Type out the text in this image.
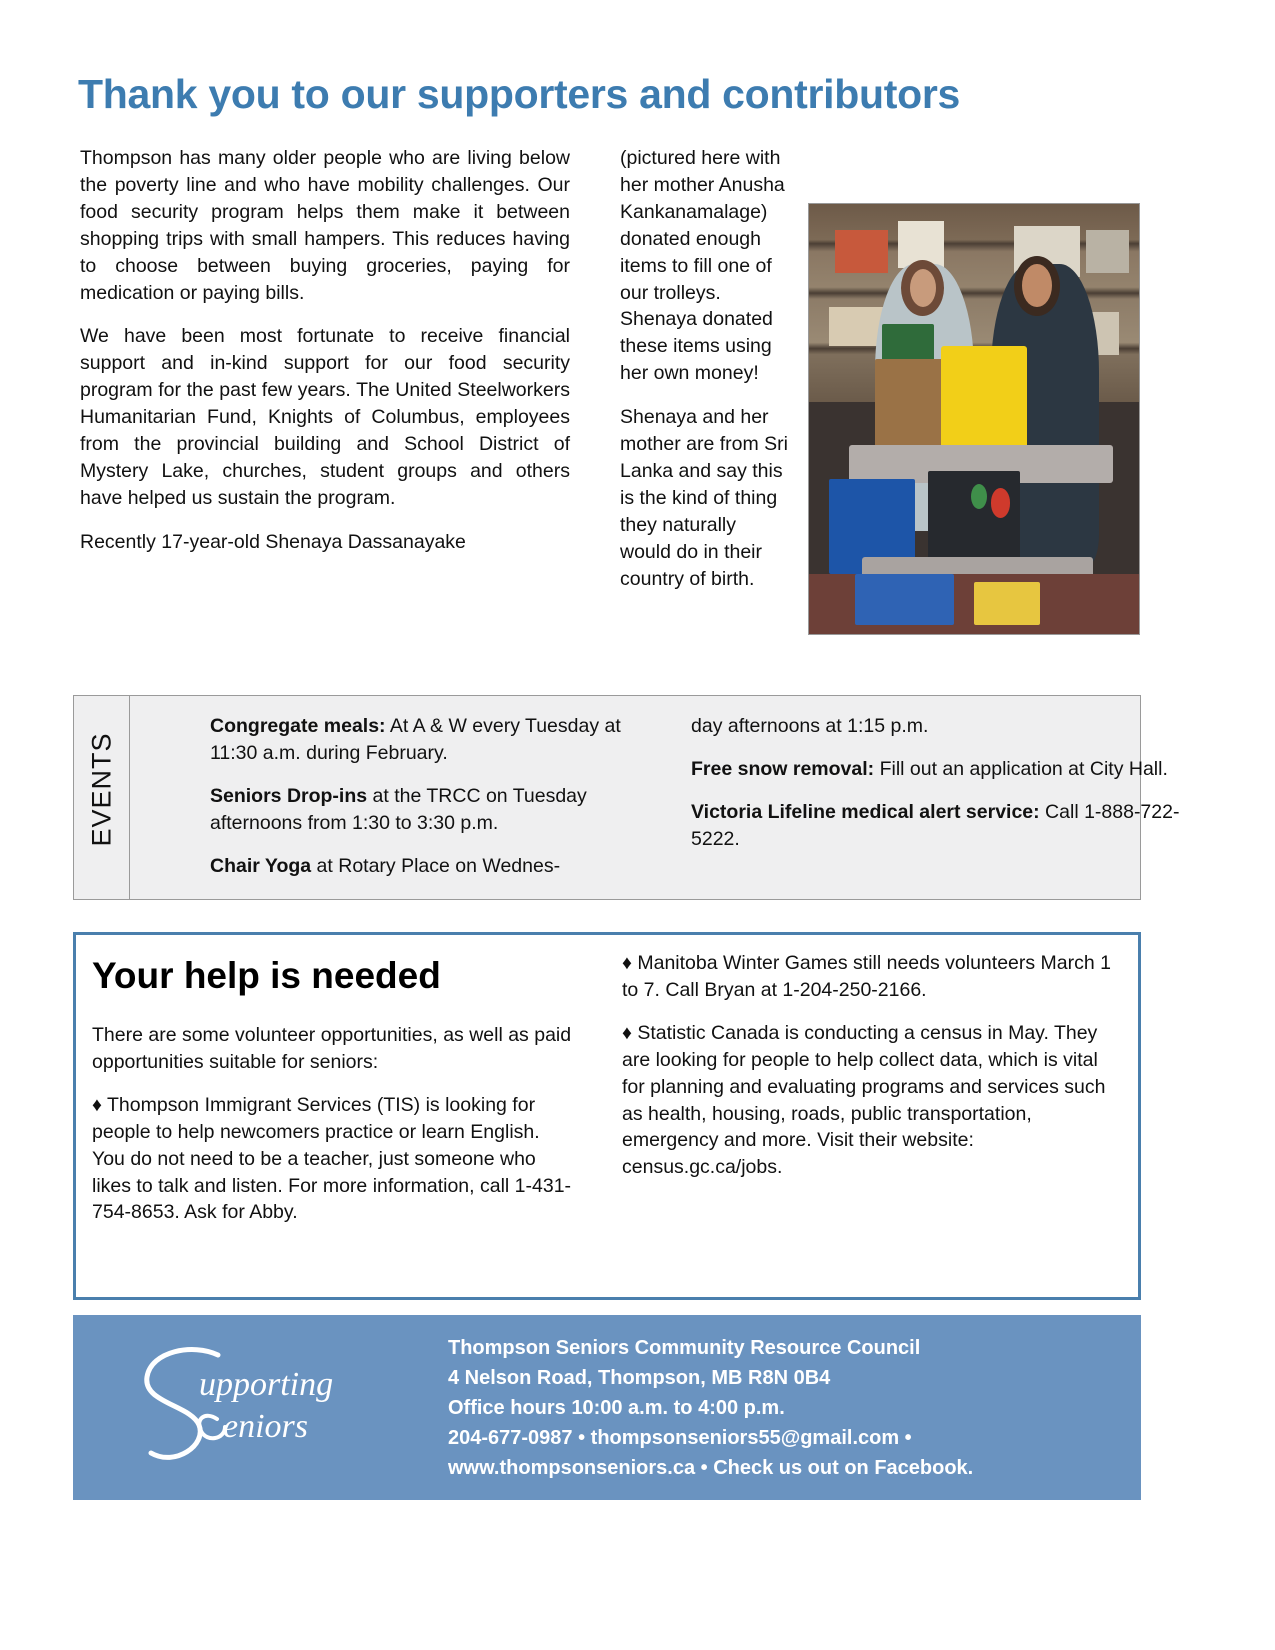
Thank you to our supporters and contributors

Thompson has many older people who are living below the poverty line and who have mobility challenges. Our food security program helps them make it between shopping trips with small hampers. This reduces having to choose between buying groceries, paying for medication or paying bills.

We have been most fortunate to receive financial support and in-kind support for our food security program for the past few years. The United Steelworkers Humanitarian Fund, Knights of Columbus, employees from the provincial building and School District of Mystery Lake, churches, student groups and others have helped us sustain the program.

Recently 17-year-old Shenaya Dassanayake

(pictured here with her mother Anusha Kankanamalage) donated enough items to fill one of our trolleys. Shenaya donated these items using her own money!

Shenaya and her mother are from Sri Lanka and say this is the kind of thing they naturally would do in their country of birth.

EVENTS

Congregate meals: At A & W every Tuesday at 11:30 a.m. during February.

Seniors Drop-ins at the TRCC on Tuesday afternoons from 1:30 to 3:30 p.m.

Chair Yoga at Rotary Place on Wednes-

day afternoons at 1:15 p.m.

Free snow removal: Fill out an application at City Hall.

Victoria Lifeline medical alert service: Call 1-888-722-5222.

Your help is needed

There are some volunteer opportunities, as well as paid opportunities suitable for seniors:

♦ Thompson Immigrant Services (TIS) is looking for people to help newcomers practice or learn English. You do not need to be a teacher, just someone who likes to talk and listen. For more information, call 1-431-754-8653. Ask for Abby.

♦ Manitoba Winter Games still needs volunteers March 1 to 7. Call Bryan at 1-204-250-2166.

♦ Statistic Canada is conducting a census in May. They are looking for people to help collect data, which is vital for planning and evaluating programs and services such as health, housing, roads, public transportation, emergency and more. Visit their website: census.gc.ca/jobs.

upporting
eniors
Thompson Seniors Community Resource Council
4 Nelson Road, Thompson, MB R8N 0B4
Office hours 10:00 a.m. to 4:00 p.m.
204-677-0987 • thompsonseniors55@gmail.com •
www.thompsonseniors.ca • Check us out on Facebook.
